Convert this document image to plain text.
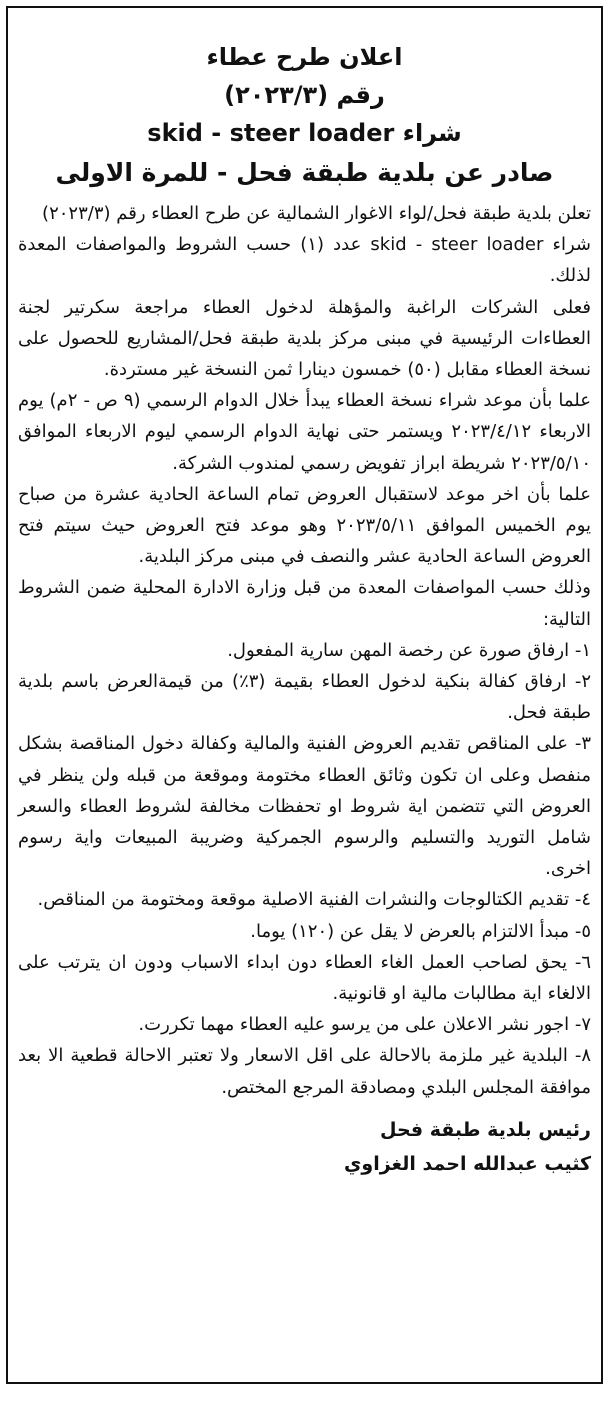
اعلان طرح عطاء
رقم (٢٠٢٣/٣)
شراء skid - steer loader
صادر عن بلدية طبقة فحل - للمرة الاولى

تعلن بلدية طبقة فحل/لواء الاغوار الشمالية عن طرح العطاء رقم (٢٠٢٣/٣)

شراء skid - steer loader عدد (١) حسب الشروط والمواصفات المعدة لذلك.

فعلى الشركات الراغبة والمؤهلة لدخول العطاء مراجعة سكرتير لجنة العطاءات الرئيسية في مبنى مركز بلدية طبقة فحل/المشاريع للحصول على نسخة العطاء مقابل (٥٠) خمسون دينارا ثمن النسخة غير مستردة.

علما بأن موعد شراء نسخة العطاء يبدأ خلال الدوام الرسمي (٩ ص - ٢م) يوم الاربعاء ٢٠٢٣/٤/١٢ ويستمر حتى نهاية الدوام الرسمي ليوم الاربعاء الموافق ٢٠٢٣/٥/١٠ شريطة ابراز تفويض رسمي لمندوب الشركة.

علما بأن اخر موعد لاستقبال العروض تمام الساعة الحادية عشرة من صباح يوم الخميس الموافق ٢٠٢٣/٥/١١ وهو موعد فتح العروض حيث سيتم فتح العروض الساعة الحادية عشر والنصف في مبنى مركز البلدية.

وذلك حسب المواصفات المعدة من قبل وزارة الادارة المحلية ضمن الشروط التالية:

١- ارفاق صورة عن رخصة المهن سارية المفعول.

٢- ارفاق كفالة بنكية لدخول العطاء بقيمة (٣٪) من قيمةالعرض باسم بلدية طبقة فحل.

٣- على المناقص تقديم العروض الفنية والمالية وكفالة دخول المناقصة بشكل منفصل وعلى ان تكون وثائق العطاء مختومة وموقعة من قبله ولن ينظر في العروض التي تتضمن اية شروط او تحفظات مخالفة لشروط العطاء والسعر شامل التوريد والتسليم والرسوم الجمركية وضريبة المبيعات واية رسوم اخرى.

٤- تقديم الكتالوجات والنشرات الفنية الاصلية موقعة ومختومة من المناقص.

٥- مبدأ الالتزام بالعرض لا يقل عن (١٢٠) يوما.

٦- يحق لصاحب العمل الغاء العطاء دون ابداء الاسباب ودون ان يترتب على الالغاء اية مطالبات مالية او قانونية.

٧- اجور نشر الاعلان على من يرسو عليه العطاء مهما تكررت.

٨- البلدية غير ملزمة بالاحالة على اقل الاسعار ولا تعتبر الاحالة قطعية الا بعد موافقة المجلس البلدي ومصادقة المرجع المختص.

رئيس بلدية طبقة فحل
كثيب عبدالله احمد الغزاوي
